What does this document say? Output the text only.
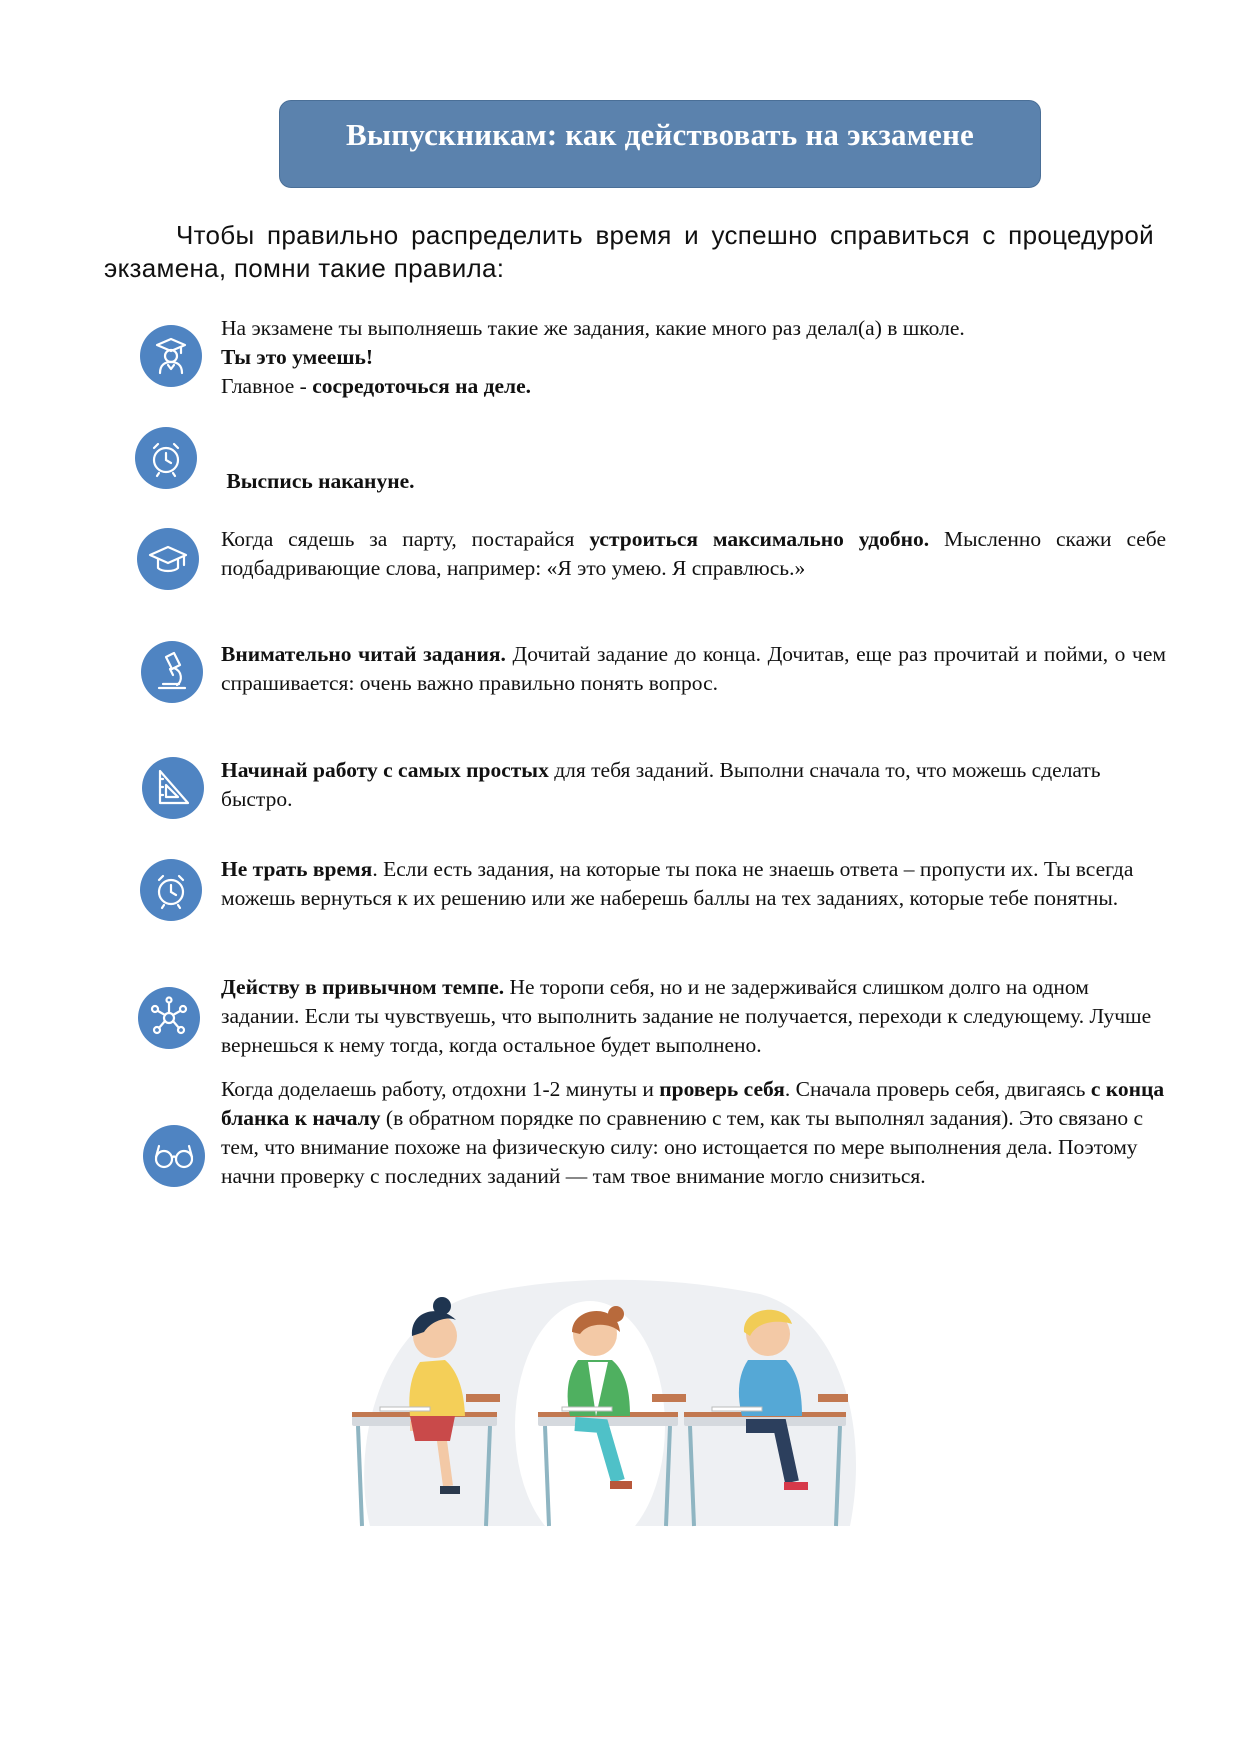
Выпускникам: как действовать на экзамене

Чтобы правильно распределить время и успешно справиться с процедурой экзамена, помни такие правила:

На экзамене ты выполняешь такие же задания, какие много раз делал(а) в школе.
Ты это умеешь!
Главное - сосредоточься на деле.

Выспись накануне.

Когда сядешь за парту, постарайся устроиться максимально удобно. Мысленно скажи себе подбадривающие слова, например: «Я это умею. Я справлюсь.»

Внимательно читай задания. Дочитай задание до конца. Дочитав, еще раз прочитай и пойми, о чем спрашивается: очень важно правильно понять вопрос.

Начинай работу с самых простых для тебя заданий. Выполни сначала то, что можешь сделать быстро.

Не трать время. Если есть задания, на которые ты пока не знаешь ответа – пропусти их. Ты всегда можешь вернуться к их решению или же наберешь баллы на тех заданиях, которые тебе понятны.

Действу в привычном темпе. Не торопи себя, но и не задерживайся слишком долго на одном задании. Если ты чувствуешь, что выполнить задание не получается, переходи к следующему. Лучше вернешься к нему тогда, когда остальное будет выполнено.

Когда доделаешь работу, отдохни 1-2 минуты и проверь себя. Сначала проверь себя, двигаясь с конца бланка к началу (в обратном порядке по сравнению с тем, как ты выполнял задания). Это связано с тем, что внимание похоже на физическую силу: оно истощается по мере выполнения дела. Поэтому начни проверку с последних заданий — там твое внимание могло снизиться.
